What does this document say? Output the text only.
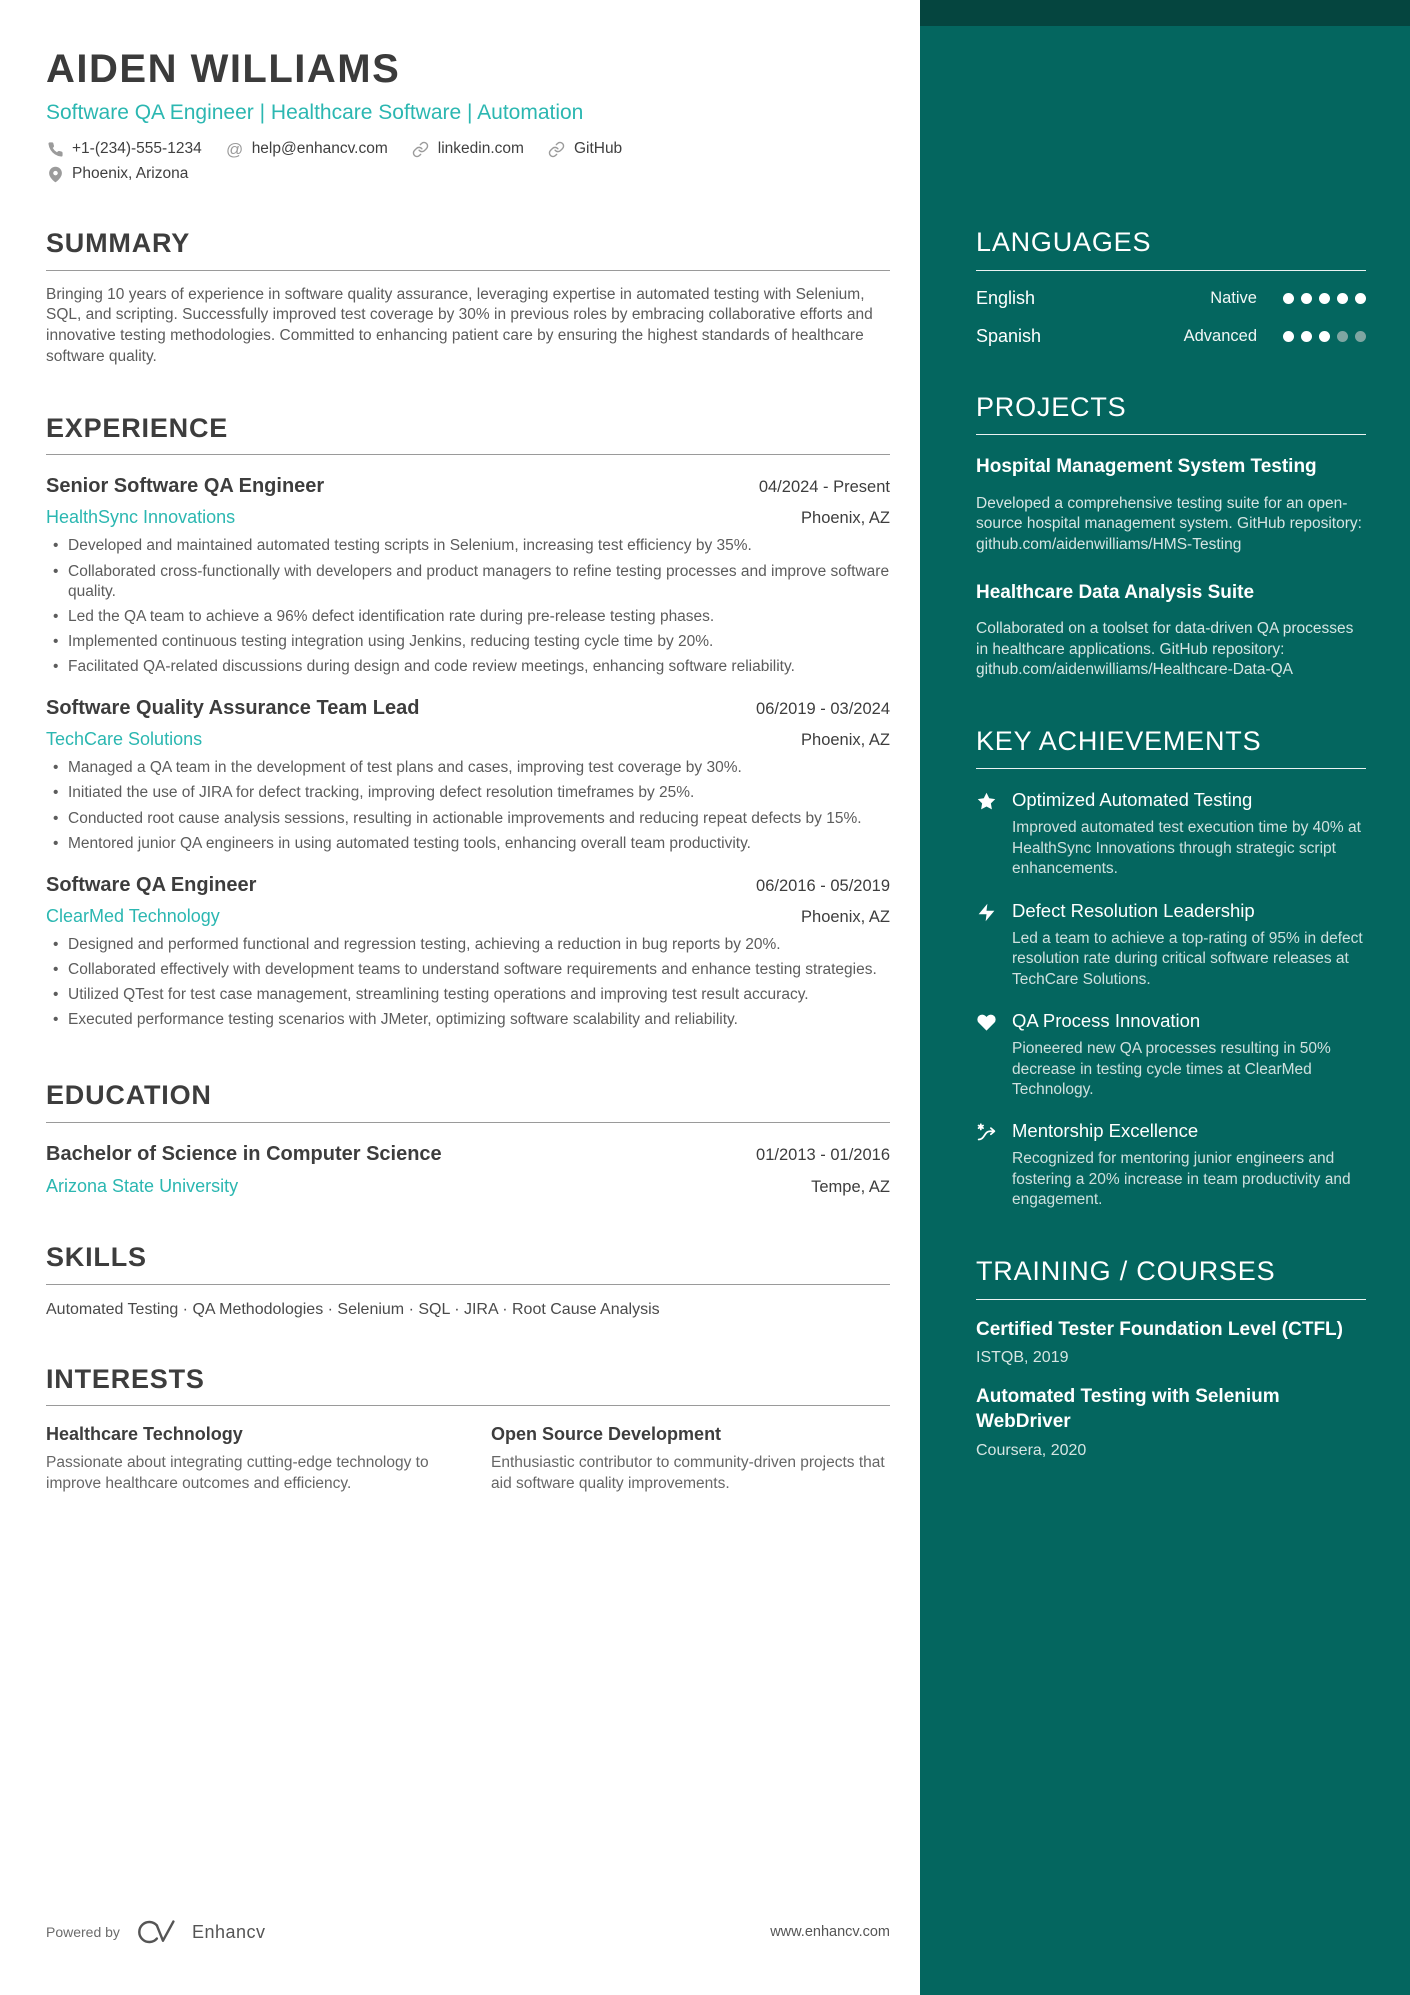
AIDEN WILLIAMS
Software QA Engineer | Healthcare Software | Automation
+1-(234)-555-1234 @ help@enhancv.com	linkedin.com	GitHub
Phoenix, Arizona
SUMMARY

Bringing 10 years of experience in software quality assurance, leveraging expertise in automated testing with Selenium, SQL, and scripting. Successfully improved test coverage by 30% in previous roles by embracing collaborative efforts and innovative testing methodologies. Committed to enhancing patient care by ensuring the highest standards of healthcare software quality.

EXPERIENCE
Senior Software QA Engineer	04/2024 - Present
HealthSync Innovations	Phoenix, AZ
• Developed and maintained automated testing scripts in Selenium, increasing test efficiency by 35%.
• Collaborated cross-functionally with developers and product managers to refine testing processes and improve software quality.
• Led the QA team to achieve a 96% defect identification rate during pre-release testing phases.
• Implemented continuous testing integration using Jenkins, reducing testing cycle time by 20%.
• Facilitated QA-related discussions during design and code review meetings, enhancing software reliability.
Software Quality Assurance Team Lead	06/2019 - 03/2024
TechCare Solutions	Phoenix, AZ
• Managed a QA team in the development of test plans and cases, improving test coverage by 30%.
• Initiated the use of JIRA for defect tracking, improving defect resolution timeframes by 25%.
• Conducted root cause analysis sessions, resulting in actionable improvements and reducing repeat defects by 15%.
• Mentored junior QA engineers in using automated testing tools, enhancing overall team productivity.
Software QA Engineer	06/2016 - 05/2019
ClearMed Technology	Phoenix, AZ
• Designed and performed functional and regression testing, achieving a reduction in bug reports by 20%.
• Collaborated effectively with development teams to understand software requirements and enhance testing strategies.
• Utilized QTest for test case management, streamlining testing operations and improving test result accuracy.
• Executed performance testing scenarios with JMeter, optimizing software scalability and reliability.
EDUCATION
Bachelor of Science in Computer Science	01/2013 - 01/2016
Arizona State University	Tempe, AZ
SKILLS
Automated Testing · QA Methodologies · Selenium · SQL · JIRA · Root Cause Analysis
INTERESTS
Healthcare Technology
Passionate about integrating cutting-edge technology to improve healthcare outcomes and efficiency.
Open Source Development
Enthusiastic contributor to community-driven projects that aid software quality improvements.
Powered by	Enhancv	www.enhancv.com
LANGUAGES
English	Native
Spanish	Advanced
PROJECTS
Hospital Management System Testing
Developed a comprehensive testing suite for an open-source hospital management system. GitHub repository: github.com/aidenwilliams/HMS-Testing
Healthcare Data Analysis Suite
Collaborated on a toolset for data-driven QA processes in healthcare applications. GitHub repository: github.com/aidenwilliams/Healthcare-Data-QA
KEY ACHIEVEMENTS
Optimized Automated Testing
Improved automated test execution time by 40% at HealthSync Innovations through strategic script enhancements.
Defect Resolution Leadership
Led a team to achieve a top-rating of 95% in defect resolution rate during critical software releases at TechCare Solutions.
QA Process Innovation
Pioneered new QA processes resulting in 50% decrease in testing cycle times at ClearMed Technology.
Mentorship Excellence
Recognized for mentoring junior engineers and fostering a 20% increase in team productivity and engagement.
TRAINING / COURSES
Certified Tester Foundation Level (CTFL)
ISTQB, 2019
Automated Testing with Selenium WebDriver
Coursera, 2020
